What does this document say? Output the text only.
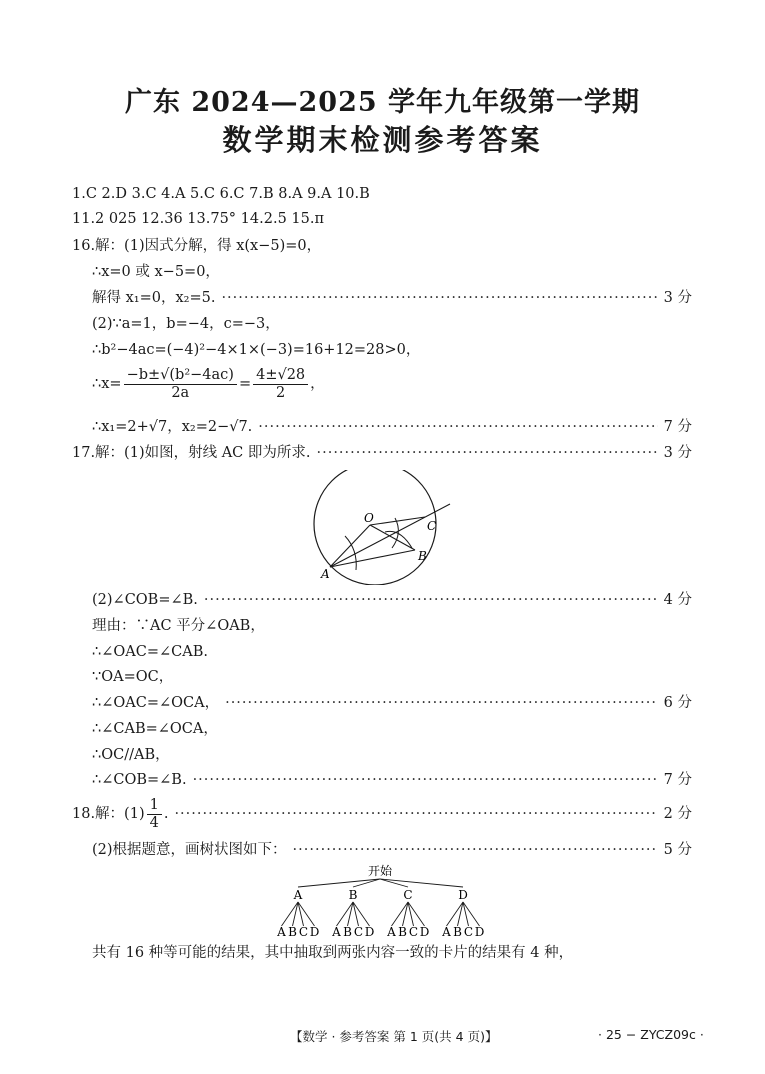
广东 2024—2025 学年九年级第一学期
数学期末检测参考答案
1.C 2.D 3.C 4.A 5.C 6.C 7.B 8.A 9.A 10.B
11.2 025 12.36 13.75° 14.2.5 15.π
16.解：(1)因式分解，得 x(x−5)=0，
∴x=0 或 x−5=0，
解得 x₁=0，x₂=5. ·····	3 分
(2)∵a=1，b=−4，c=−3，
∴b²−4ac=(−4)²−4×1×(−3)=16+12=28>0，
∴x= $\frac{\text{−b±√(b²−4ac)}}{2a} = \frac{4\pm√28}{2}$ ，
∴x₁=2+√7，x₂=2−√7. ·····	7 分
17.解：(1)如图，射线 AC 即为所求. ·····	3 分
O
A
B
C
(2)∠COB=∠B. ·····	4 分
理由：∵AC 平分∠OAB，
∴∠OAC=∠CAB.
∵OA=OC，
∴∠OAC=∠OCA， ·····	6 分
∴∠CAB=∠OCA，
∴OC//AB，
∴∠COB=∠B. ·····	7 分
18.解：$(1) \frac{1}{4}$ . ·····	2 分
(2)根据题意，画树状图如下： ·····	5 分
开始
A	B	C	D
A B C D A B C D A B C D A B C D
共有 16 种等可能的结果，其中抽取到两张内容一致的卡片的结果有 4 种，
【数学 · 参考答案 第 1 页(共 4 页)】	· 25 − ZYCZ09c ·
